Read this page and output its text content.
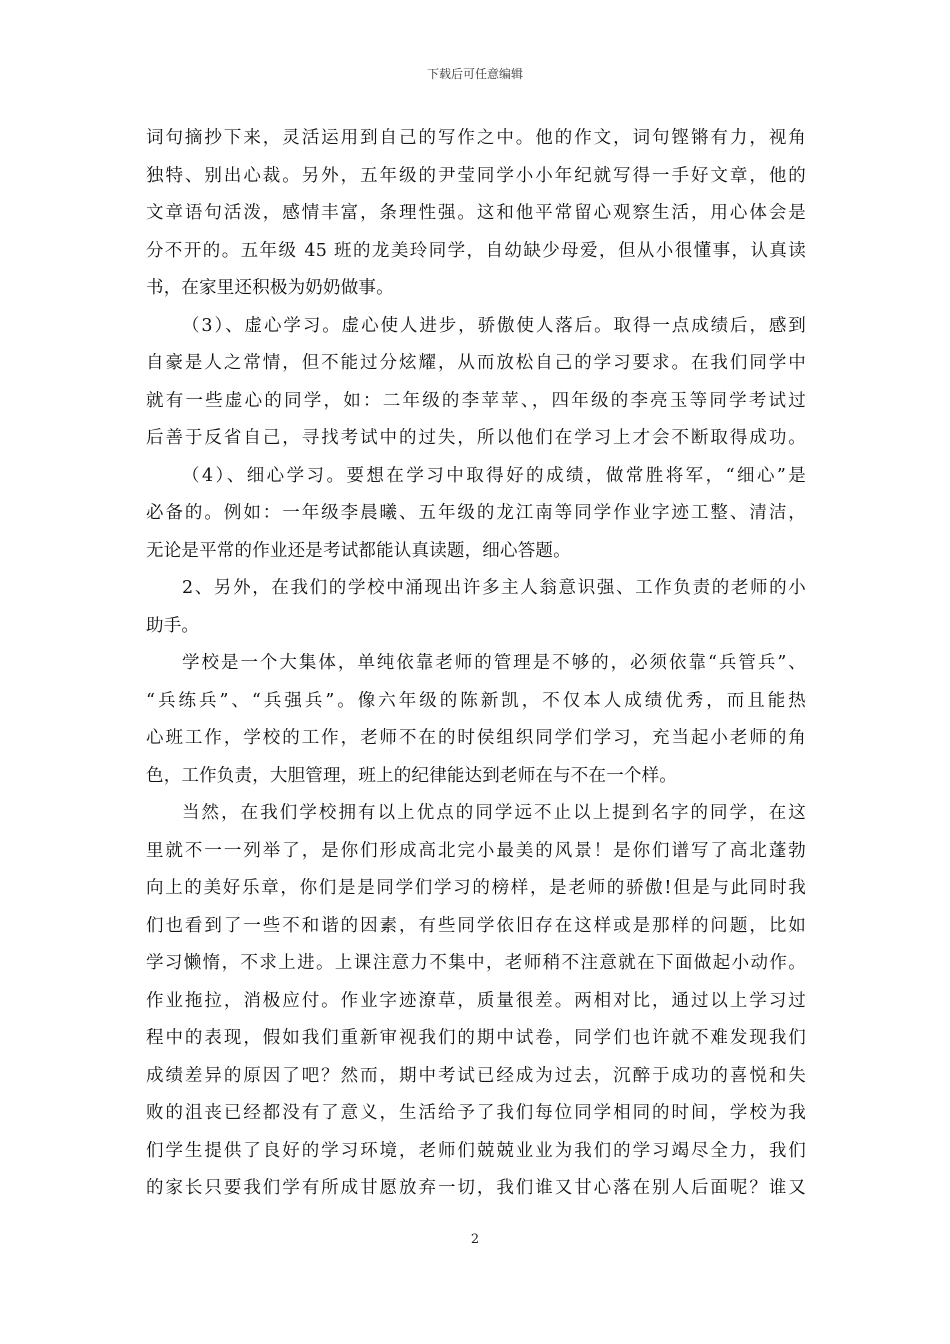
下载后可任意编辑
词句摘抄下来，灵活运用到自己的写作之中。他的作文，词句铿锵有力，视角
独特、别出心裁。另外，五年级的尹莹同学小小年纪就写得一手好文章，他的
文章语句活泼，感情丰富，条理性强。这和他平常留心观察生活，用心体会是
分不开的。五年级 45 班的龙美玲同学，自幼缺少母爱，但从小很懂事，认真读
书，在家里还积极为奶奶做事。
（3）、虚心学习。虚心使人进步，骄傲使人落后。取得一点成绩后，感到
自豪是人之常情，但不能过分炫耀，从而放松自己的学习要求。在我们同学中
就有一些虚心的同学，如：二年级的李苹苹、，四年级的李亮玉等同学考试过
后善于反省自己，寻找考试中的过失，所以他们在学习上才会不断取得成功。
（4）、细心学习。要想在学习中取得好的成绩，做常胜将军，“细心”是
必备的。例如：一年级李晨曦、五年级的龙江南等同学作业字迹工整、清洁，
无论是平常的作业还是考试都能认真读题，细心答题。
2、另外，在我们的学校中涌现出许多主人翁意识强、工作负责的老师的小
助手。
学校是一个大集体，单纯依靠老师的管理是不够的，必须依靠“兵管兵”、
“兵练兵”、“兵强兵”。像六年级的陈新凯，不仅本人成绩优秀，而且能热
心班工作，学校的工作，老师不在的时侯组织同学们学习，充当起小老师的角
色，工作负责，大胆管理，班上的纪律能达到老师在与不在一个样。
当然，在我们学校拥有以上优点的同学远不止以上提到名字的同学，在这
里就不一一列举了，是你们形成高北完小最美的风景！是你们谱写了高北蓬勃
向上的美好乐章，你们是是同学们学习的榜样，是老师的骄傲!但是与此同时我
们也看到了一些不和谐的因素，有些同学依旧存在这样或是那样的问题，比如
学习懒惰，不求上进。上课注意力不集中，老师稍不注意就在下面做起小动作。
作业拖拉，消极应付。作业字迹潦草，质量很差。两相对比，通过以上学习过
程中的表现，假如我们重新审视我们的期中试卷，同学们也许就不难发现我们
成绩差异的原因了吧？然而，期中考试已经成为过去，沉醉于成功的喜悦和失
败的沮丧已经都没有了意义，生活给予了我们每位同学相同的时间，学校为我
们学生提供了良好的学习环境，老师们兢兢业业为我们的学习竭尽全力，我们
的家长只要我们学有所成甘愿放弃一切，我们谁又甘心落在别人后面呢？谁又
2
